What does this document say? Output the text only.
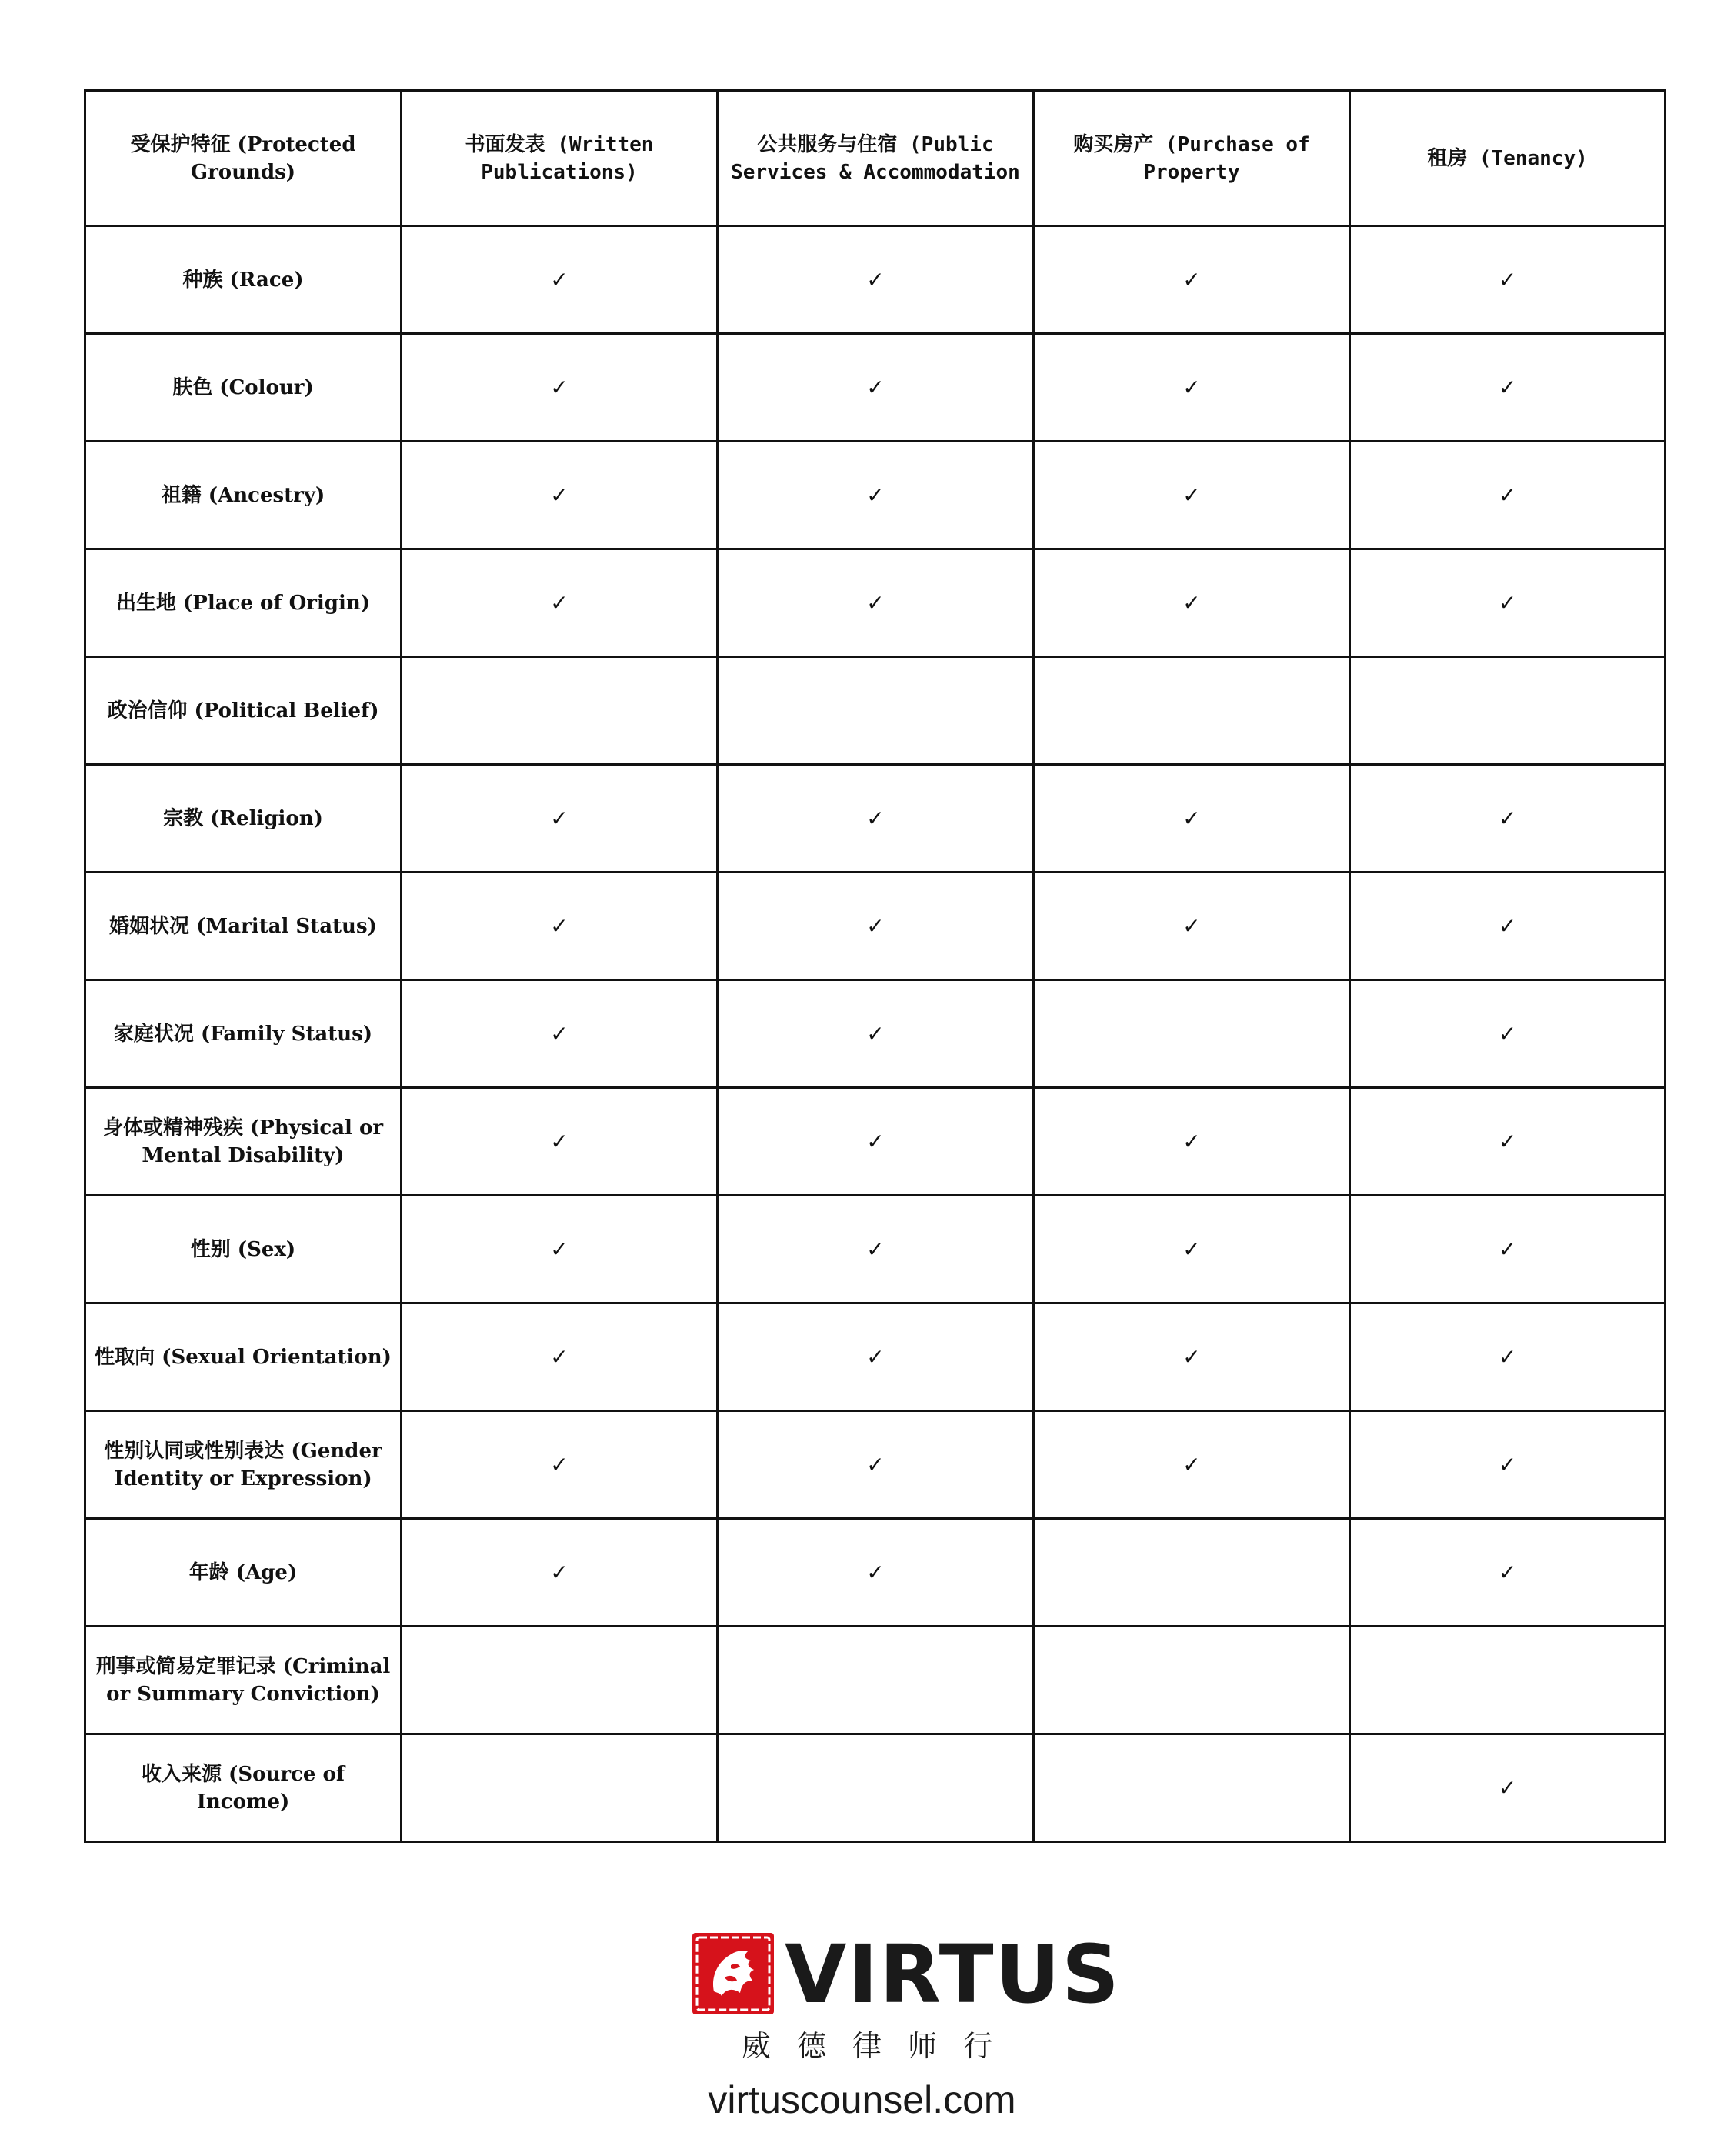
受保护特征 (Protected Grounds)	书面发表 (Written Publications)	公共服务与住宿 (Public Services & Accommodation	购买房产 (Purchase of Property	租房 (Tenancy)
种族 (Race)	✓	✓	✓	✓
肤色 (Colour)	✓	✓	✓	✓
祖籍 (Ancestry)	✓	✓	✓	✓
出生地 (Place of Origin)	✓	✓	✓	✓
政治信仰 (Political Belief)				
宗教 (Religion)	✓	✓	✓	✓
婚姻状况 (Marital Status)	✓	✓	✓	✓
家庭状况 (Family Status)	✓	✓		✓
身体或精神残疾 (Physical or Mental Disability)	✓	✓	✓	✓
性别 (Sex)	✓	✓	✓	✓
性取向 (Sexual Orientation)	✓	✓	✓	✓
性别认同或性别表达 (Gender Identity or Expression)	✓	✓	✓	✓
年龄 (Age)	✓	✓		✓
刑事或简易定罪记录 (Criminal or Summary Conviction)				
收入来源 (Source of Income)				✓
VIRTUS
威德律师行
virtuscounsel.com
